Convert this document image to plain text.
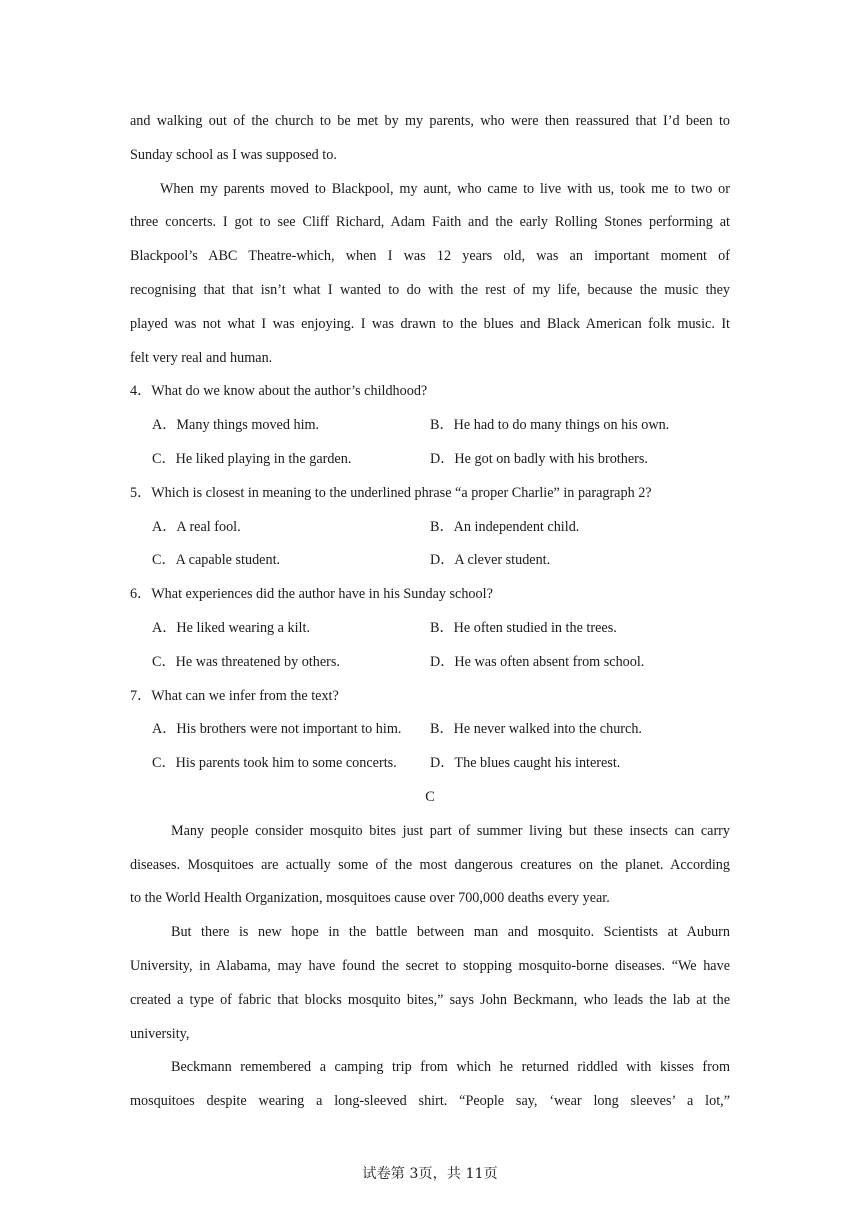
and walking out of the church to be met by my parents, who were then reassured that I’d been to
Sunday school as I was supposed to.
When my parents moved to Blackpool, my aunt, who came to live with us, took me to two or
three concerts. I got to see Cliff Richard, Adam Faith and the early Rolling Stones performing at
Blackpool’s ABC Theatre-which, when I was 12 years old, was an important moment of
recognising that that isn’t what I wanted to do with the rest of my life, because the music they
played was not what I was enjoying. I was drawn to the blues and Black American folk music. It
felt very real and human.
4．What do we know about the author’s childhood?
A．Many things moved him.	B．He had to do many things on his own.
C．He liked playing in the garden.	D．He got on badly with his brothers.
5．Which is closest in meaning to the underlined phrase “a proper Charlie” in paragraph 2?
A．A real fool.	B．An independent child.
C．A capable student.	D．A clever student.
6．What experiences did the author have in his Sunday school?
A．He liked wearing a kilt.	B．He often studied in the trees.
C．He was threatened by others.	D．He was often absent from school.
7．What can we infer from the text?
A．His brothers were not important to him.	B．He never walked into the church.
C．His parents took him to some concerts.	D．The blues caught his interest.
C
Many people consider mosquito bites just part of summer living but these insects can carry
diseases. Mosquitoes are actually some of the most dangerous creatures on the planet. According
to the World Health Organization, mosquitoes cause over 700,000 deaths every year.
But there is new hope in the battle between man and mosquito. Scientists at Auburn
University, in Alabama, may have found the secret to stopping mosquito-borne diseases. “We have
created a type of fabric that blocks mosquito bites,” says John Beckmann, who leads the lab at the
university,
Beckmann remembered a camping trip from which he returned riddled with kisses from
mosquitoes despite wearing a long-sleeved shirt. “People say, ‘wear long sleeves’ a lot,”
试卷第 3页，共 11页
